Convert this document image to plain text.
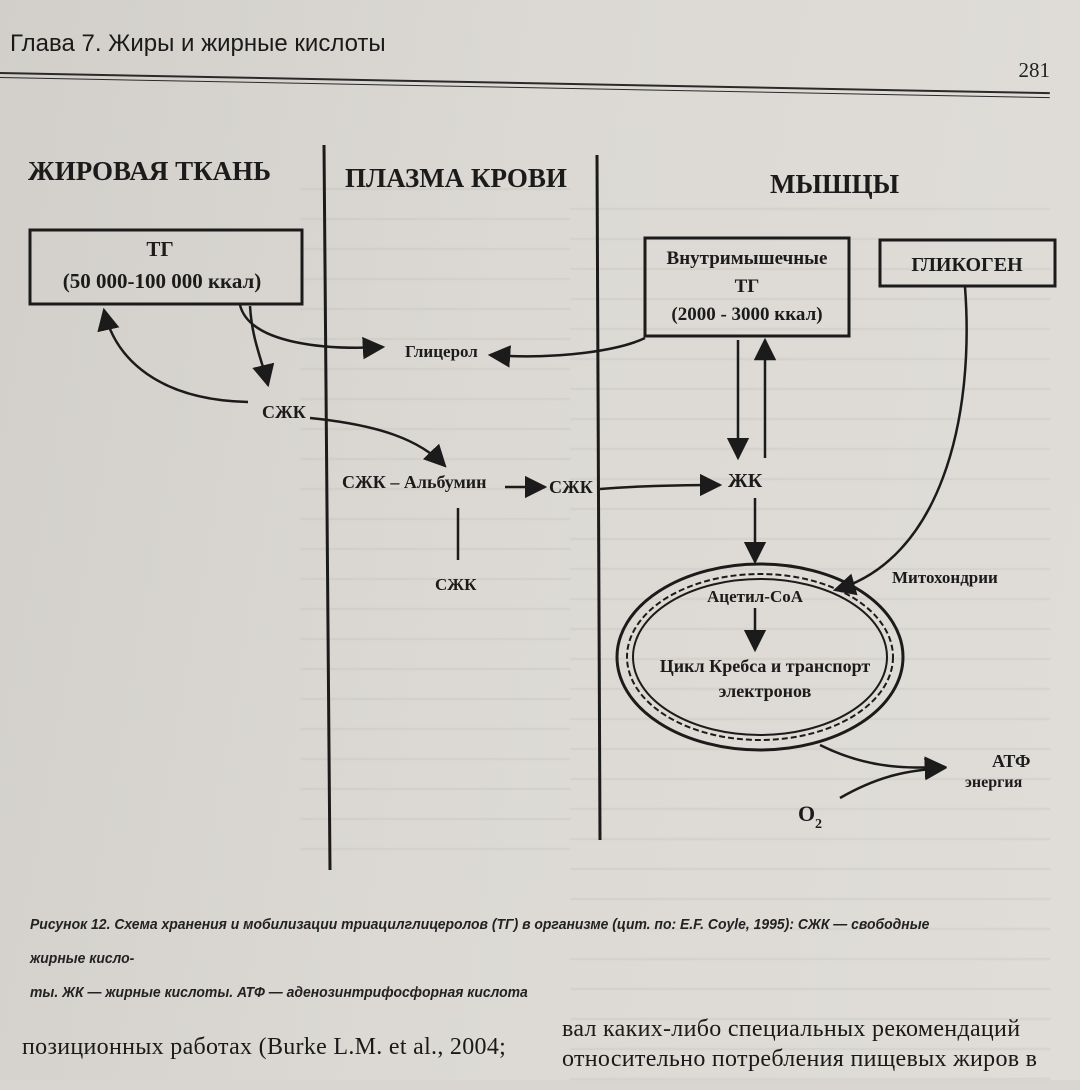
Глава 7. Жиры и жирные кислоты
281
ЖИРОВАЯ ТКАНЬ	ПЛАЗМА КРОВИ	МЫШЦЫ
ТГ
(50 000-100 000 ккал)
Внутримышечные
ТГ
(2000 - 3000 ккал)
ГЛИКОГЕН
Глицерол
СЖК
СЖК – Альбумин	СЖК
СЖК
ЖК
Митохондрии
Ацетил-CoA
Цикл Кребса и транспорт
электронов
АТФ
энергия
O 2
Рисунок 12. Схема хранения и мобилизации триацилглицеролов (ТГ) в организме (цит. по: E.F. Coyle, 1995): СЖК — свободные жирные кисло-
ты. ЖК — жирные кислоты. АТФ — аденозинтрифосфорная кислота
позиционных работах (Burke L.M. et al., 2004;
вал каких-либо специальных рекомендаций
относительно потребления пищевых жиров в
